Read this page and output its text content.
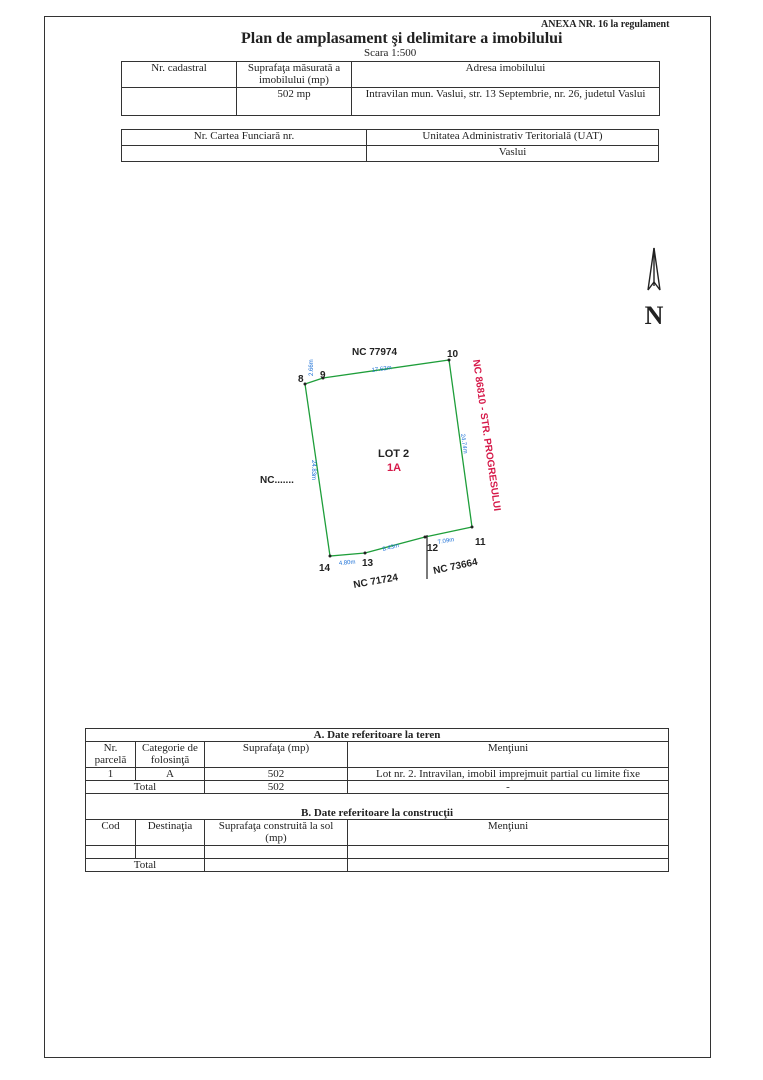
ANEXA NR. 16 la regulament
Plan de amplasament şi delimitare a imobilului
Scara 1:500
Nr. cadastral	Suprafaţa măsurată a imobilului (mp)	Adresa imobilului
	502 mp	Intravilan mun. Vaslui, str. 13 Septembrie, nr. 26, judetul Vaslui
Nr. Cartea Funciară nr.	Unitatea Administrativ Teritorială (UAT)
	Vaslui
N
8 9
10
11
12
13
14
NC 77974
NC.......
NC 71724
NC 73664
NC 86810 - STR. PROGRESULUI
LOT 2
1A
2.66m	17.62m
24.74m
7.09m
8.43m
4.80m
24.83m
A. Date referitoare la teren			
Nr. parcelă	Categorie de folosinţă	Suprafaţa (mp)	Menţiuni
1	A	502	Lot nr. 2. Intravilan, imobil imprejmuit partial cu limite fixe
Total		502	-
B. Date referitoare la construcţii			
Cod	Destinaţia	Suprafaţa construită la sol (mp)	Menţiuni

Total			
